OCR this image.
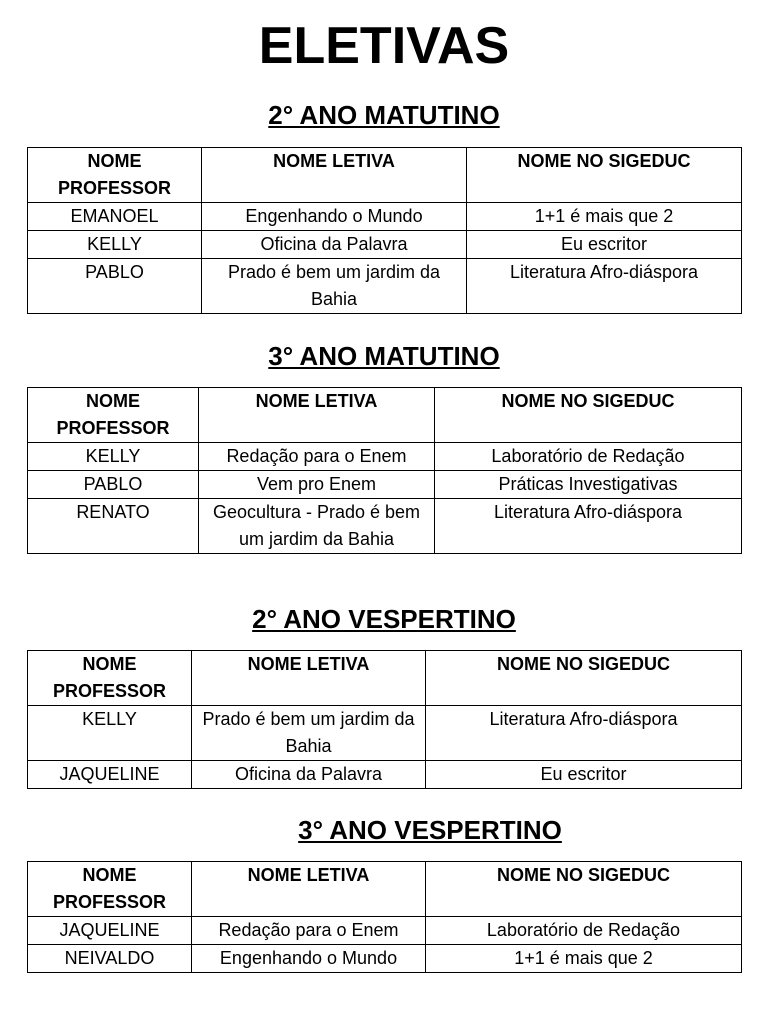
ELETIVAS
2° ANO MATUTINO
NOME PROFESSOR	NOME LETIVA	NOME NO SIGEDUC
EMANOEL	Engenhando o Mundo	1+1 é mais que 2
KELLY	Oficina da Palavra	Eu escritor
PABLO	Prado é bem um jardim da Bahia	Literatura Afro-diáspora
3° ANO MATUTINO
NOME PROFESSOR	NOME LETIVA	NOME NO SIGEDUC
KELLY	Redação para o Enem	Laboratório de Redação
PABLO	Vem pro Enem	Práticas Investigativas
RENATO	Geocultura - Prado é bem um jardim da Bahia	Literatura Afro-diáspora
2° ANO VESPERTINO
NOME PROFESSOR	NOME LETIVA	NOME NO SIGEDUC
KELLY	Prado é bem um jardim da Bahia	Literatura Afro-diáspora
JAQUELINE	Oficina da Palavra	Eu escritor
3° ANO VESPERTINO
NOME PROFESSOR	NOME LETIVA	NOME NO SIGEDUC
JAQUELINE	Redação para o Enem	Laboratório de Redação
NEIVALDO	Engenhando o Mundo	1+1 é mais que 2
